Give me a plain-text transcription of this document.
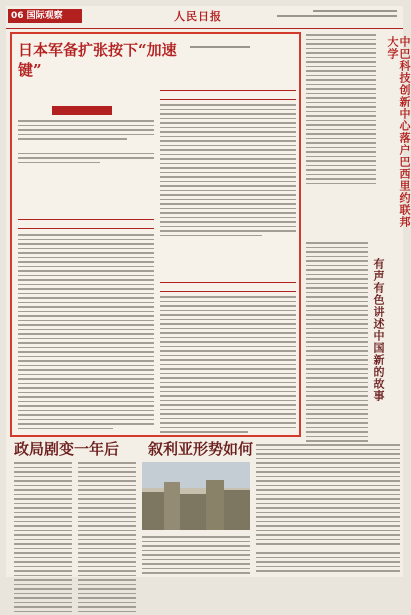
06 国际观察	人民日报
日本军备扩张按下“加速键”	中巴科技创新中心落户巴西里约联邦大学
有声有色讲述中国新的故事
政局剧变一年后 叙利亚形势如何
